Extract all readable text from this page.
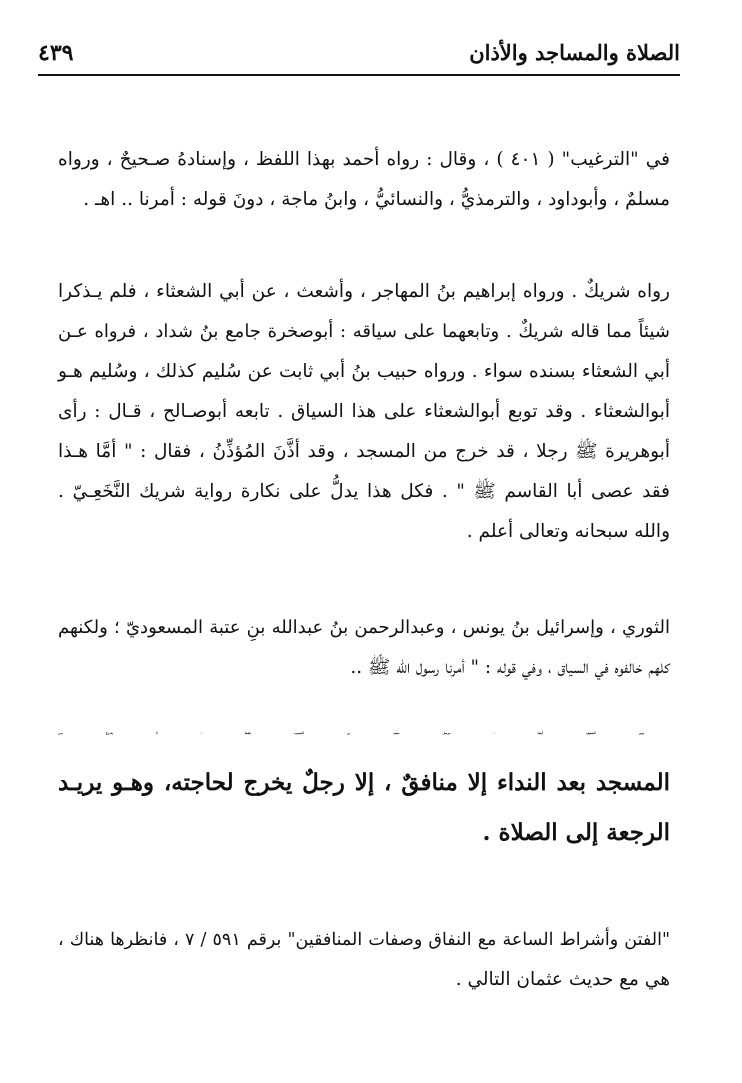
الصلاة والمساجد والأذان
٤٣٩

في "الترغيب" ( ٤٠١ ) ، وقال : رواه أحمد بهذا اللفظ ، وإسنادهُ صـحيحٌ ، ورواه
مسلمٌ ، وأبوداود ، والترمذيُّ ، والنسائيُّ ، وابنُ ماجة ، دونَ قوله : أمرنا .. اهـ .

رواه شريكٌ . ورواه إبراهيم بنُ المهاجر ، وأشعث ، عن أبي الشعثاء ، فلم يـذكرا
شيئاً مما قاله شريكٌ . وتابعهما على سياقه : أبوصخرة جامع بنُ شداد ، فرواه عـن
أبي الشعثاء بسنده سواء . ورواه حبيب بنُ أبي ثابت عن سُليم كذلك ، وسُليم هـو
أبوالشعثاء . وقد توبع أبوالشعثاء على هذا السياق . تابعه أبوصـالح ، قـال : رأى
أبوهريرة ﷺ رجلا ، قد خرج من المسجد ، وقد أذَّنَ المُؤذِّنُ ، فقال : " أمَّا هـذا
فقد عصى أبا القاسم ﷺ " . فكل هذا يدلُّ على نكارة رواية شريك النَّخَعِـيّ .
والله سبحانه وتعالى أعلم .

الثوري ، وإسرائيل بنُ يونس ، وعبدالرحمن بنُ عبدالله بنِ عتبة المسعوديّ ؛ ولكنهم
كلهم خالفوه في السياق ، وفي قوله : " أمرنا رسول الله ﷺ ..

ومن الضعيف أيضا : مرسل سعيد بن المسيب بلفظ : لا يخـرجُ مـن
المسجد بعد النداء إلا منافقٌ ، إلا رجلٌ يخرج لحاجته، وهـو يريـد
الرجعة إلى الصلاة .

"الفتن وأشراط الساعة مع النفاق وصفات المنافقين" برقم ٥٩١ / ٧ ، فانظرها هناك ،
هي مع حديث عثمان التالي .
